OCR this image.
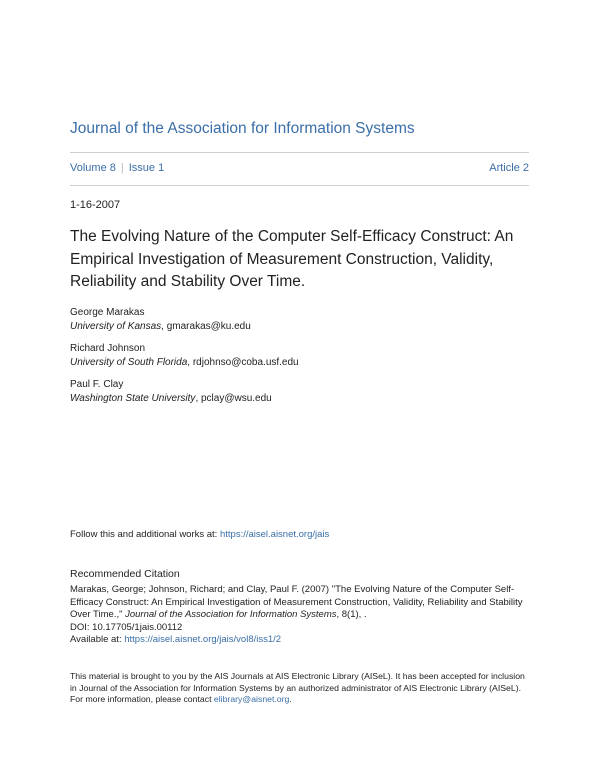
Journal of the Association for Information Systems
Volume 8 | Issue 1	Article 2
1-16-2007
The Evolving Nature of the Computer Self-Efficacy Construct: An Empirical Investigation of Measurement Construction, Validity, Reliability and Stability Over Time.
George Marakas
University of Kansas, gmarakas@ku.edu
Richard Johnson
University of South Florida, rdjohnso@coba.usf.edu
Paul F. Clay
Washington State University, pclay@wsu.edu
Follow this and additional works at: https://aisel.aisnet.org/jais
Recommended Citation
Marakas, George; Johnson, Richard; and Clay, Paul F. (2007) "The Evolving Nature of the Computer Self-Efficacy Construct: An Empirical Investigation of Measurement Construction, Validity, Reliability and Stability Over Time.," Journal of the Association for Information Systems, 8(1), .
DOI: 10.17705/1jais.00112
Available at: https://aisel.aisnet.org/jais/vol8/iss1/2
This material is brought to you by the AIS Journals at AIS Electronic Library (AISeL). It has been accepted for inclusion in Journal of the Association for Information Systems by an authorized administrator of AIS Electronic Library (AISeL). For more information, please contact elibrary@aisnet.org.
